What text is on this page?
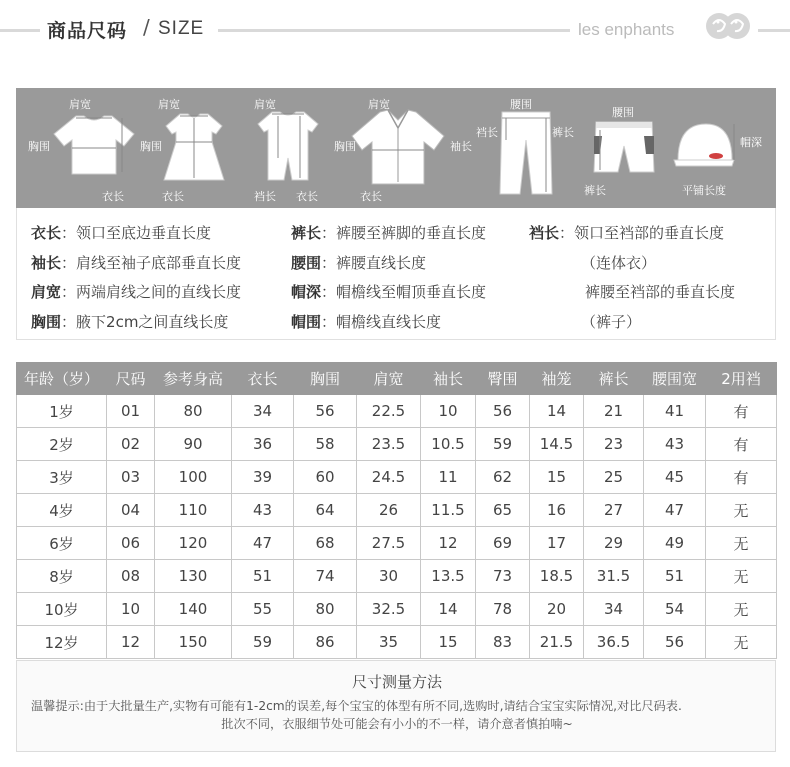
商品尺码 / SIZE	les enphants
肩宽
胸围
衣长
肩宽
胸围
衣长
肩宽
裆长 衣长
肩宽
胸围	袖长
衣长
腰围
裆长	裤长
腰围
裤长
帽深
平铺长度
衣长：领口至底边垂直长度
袖长：肩线至袖子底部垂直长度
肩宽：两端肩线之间的直线长度
胸围：腋下2cm之间直线长度
裤长：裤腰至裤脚的垂直长度
腰围：裤腰直线长度
帽深：帽檐线至帽顶垂直长度
帽围：帽檐线直线长度
裆长：领口至裆部的垂直长度
（连体衣）
裤腰至裆部的垂直长度
（裤子）
年龄（岁）	尺码	参考身高	衣长	胸围	肩宽	袖长	臀围	袖笼	裤长	腰围宽	2用裆
1岁	01	80	34	56	22.5	10	56	14	21	41	有
2岁	02	90	36	58	23.5	10.5	59	14.5	23	43	有
3岁	03	100	39	60	24.5	11	62	15	25	45	有
4岁	04	110	43	64	26	11.5	65	16	27	47	无
6岁	06	120	47	68	27.5	12	69	17	29	49	无
8岁	08	130	51	74	30	13.5	73	18.5	31.5	51	无
10岁	10	140	55	80	32.5	14	78	20	34	54	无
12岁	12	150	59	86	35	15	83	21.5	36.5	56	无
尺寸测量方法
温馨提示:由于大批量生产,实物有可能有1-2cm的误差,每个宝宝的体型有所不同,选购时,请结合宝宝实际情况,对比尺码表.
批次不同，衣服细节处可能会有小小的不一样，请介意者慎拍喃~
